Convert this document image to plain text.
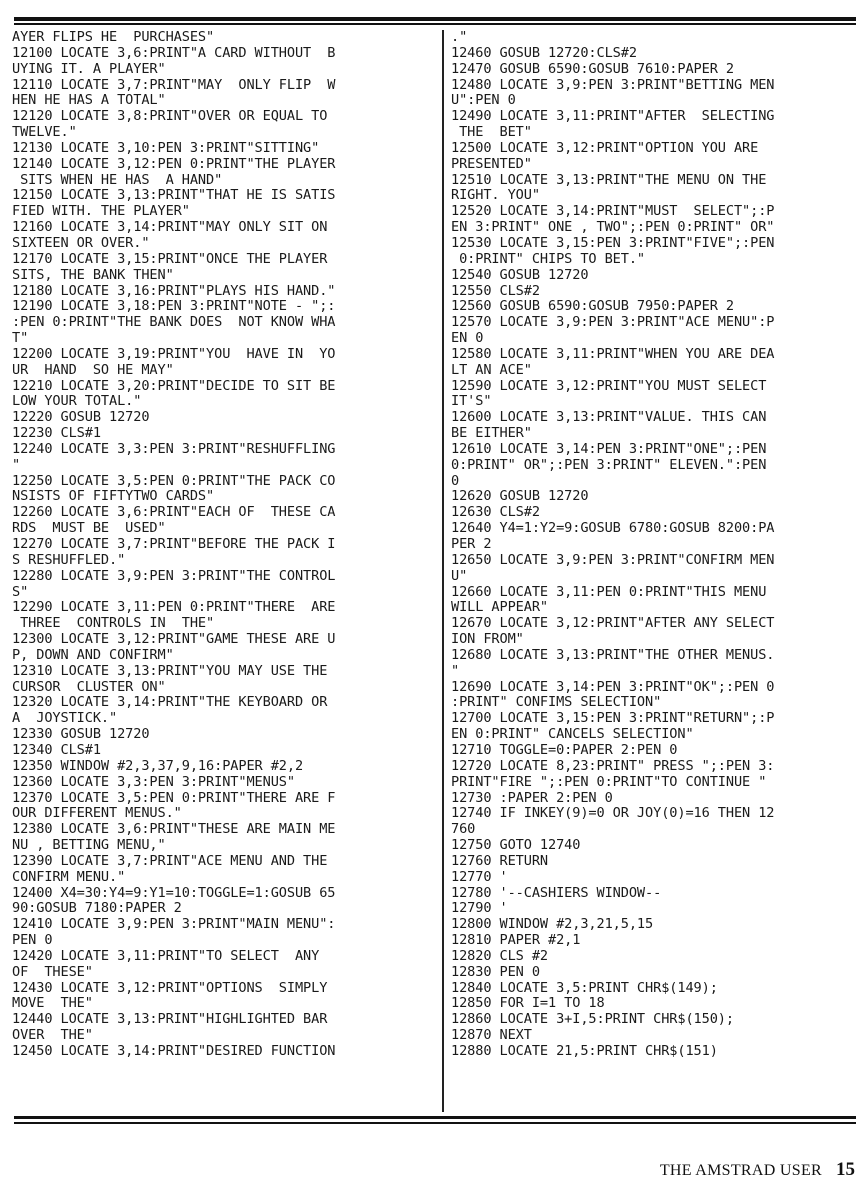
AYER FLIPS HE  PURCHASES"
12100 LOCATE 3,6:PRINT"A CARD WITHOUT  B
UYING IT. A PLAYER"
12110 LOCATE 3,7:PRINT"MAY  ONLY FLIP  W
HEN HE HAS A TOTAL"
12120 LOCATE 3,8:PRINT"OVER OR EQUAL TO
TWELVE."
12130 LOCATE 3,10:PEN 3:PRINT"SITTING"
12140 LOCATE 3,12:PEN 0:PRINT"THE PLAYER
SITS WHEN HE HAS  A HAND"
12150 LOCATE 3,13:PRINT"THAT HE IS SATIS
FIED WITH. THE PLAYER"
12160 LOCATE 3,14:PRINT"MAY ONLY SIT ON
SIXTEEN OR OVER."
12170 LOCATE 3,15:PRINT"ONCE THE PLAYER
SITS, THE BANK THEN"
12180 LOCATE 3,16:PRINT"PLAYS HIS HAND."
12190 LOCATE 3,18:PEN 3:PRINT"NOTE - ";:
:PEN 0:PRINT"THE BANK DOES  NOT KNOW WHA
T"
12200 LOCATE 3,19:PRINT"YOU  HAVE IN  YO
UR  HAND  SO HE MAY"
12210 LOCATE 3,20:PRINT"DECIDE TO SIT BE
LOW YOUR TOTAL."
12220 GOSUB 12720
12230 CLS#1
12240 LOCATE 3,3:PEN 3:PRINT"RESHUFFLING
"
12250 LOCATE 3,5:PEN 0:PRINT"THE PACK CO
NSISTS OF FIFTYTWO CARDS"
12260 LOCATE 3,6:PRINT"EACH OF  THESE CA
RDS  MUST BE  USED"
12270 LOCATE 3,7:PRINT"BEFORE THE PACK I
S RESHUFFLED."
12280 LOCATE 3,9:PEN 3:PRINT"THE CONTROL
S"
12290 LOCATE 3,11:PEN 0:PRINT"THERE  ARE
THREE  CONTROLS IN  THE"
12300 LOCATE 3,12:PRINT"GAME THESE ARE U
P, DOWN AND CONFIRM"
12310 LOCATE 3,13:PRINT"YOU MAY USE THE
CURSOR  CLUSTER ON"
12320 LOCATE 3,14:PRINT"THE KEYBOARD OR
A  JOYSTICK."
12330 GOSUB 12720
12340 CLS#1
12350 WINDOW #2,3,37,9,16:PAPER #2,2
12360 LOCATE 3,3:PEN 3:PRINT"MENUS"
12370 LOCATE 3,5:PEN 0:PRINT"THERE ARE F
OUR DIFFERENT MENUS."
12380 LOCATE 3,6:PRINT"THESE ARE MAIN ME
NU , BETTING MENU,"
12390 LOCATE 3,7:PRINT"ACE MENU AND THE
CONFIRM MENU."
12400 X4=30:Y4=9:Y1=10:TOGGLE=1:GOSUB 65
90:GOSUB 7180:PAPER 2
12410 LOCATE 3,9:PEN 3:PRINT"MAIN MENU":
PEN 0
12420 LOCATE 3,11:PRINT"TO SELECT  ANY
OF  THESE"
12430 LOCATE 3,12:PRINT"OPTIONS  SIMPLY
MOVE  THE"
12440 LOCATE 3,13:PRINT"HIGHLIGHTED BAR
OVER  THE"
12450 LOCATE 3,14:PRINT"DESIRED FUNCTION
."
12460 GOSUB 12720:CLS#2
12470 GOSUB 6590:GOSUB 7610:PAPER 2
12480 LOCATE 3,9:PEN 3:PRINT"BETTING MEN
U":PEN 0
12490 LOCATE 3,11:PRINT"AFTER  SELECTING
THE  BET"
12500 LOCATE 3,12:PRINT"OPTION YOU ARE
PRESENTED"
12510 LOCATE 3,13:PRINT"THE MENU ON THE
RIGHT. YOU"
12520 LOCATE 3,14:PRINT"MUST  SELECT";:P
EN 3:PRINT" ONE , TWO";:PEN 0:PRINT" OR"
12530 LOCATE 3,15:PEN 3:PRINT"FIVE";:PEN
0:PRINT" CHIPS TO BET."
12540 GOSUB 12720
12550 CLS#2
12560 GOSUB 6590:GOSUB 7950:PAPER 2
12570 LOCATE 3,9:PEN 3:PRINT"ACE MENU":P
EN 0
12580 LOCATE 3,11:PRINT"WHEN YOU ARE DEA
LT AN ACE"
12590 LOCATE 3,12:PRINT"YOU MUST SELECT
IT'S"
12600 LOCATE 3,13:PRINT"VALUE. THIS CAN
BE EITHER"
12610 LOCATE 3,14:PEN 3:PRINT"ONE";:PEN
0:PRINT" OR";:PEN 3:PRINT" ELEVEN.":PEN
0
12620 GOSUB 12720
12630 CLS#2
12640 Y4=1:Y2=9:GOSUB 6780:GOSUB 8200:PA
PER 2
12650 LOCATE 3,9:PEN 3:PRINT"CONFIRM MEN
U"
12660 LOCATE 3,11:PEN 0:PRINT"THIS MENU
WILL APPEAR"
12670 LOCATE 3,12:PRINT"AFTER ANY SELECT
ION FROM"
12680 LOCATE 3,13:PRINT"THE OTHER MENUS.
"
12690 LOCATE 3,14:PEN 3:PRINT"OK";:PEN 0
:PRINT" CONFIMS SELECTION"
12700 LOCATE 3,15:PEN 3:PRINT"RETURN";:P
EN 0:PRINT" CANCELS SELECTION"
12710 TOGGLE=0:PAPER 2:PEN 0
12720 LOCATE 8,23:PRINT" PRESS ";:PEN 3:
PRINT"FIRE ";:PEN 0:PRINT"TO CONTINUE "
12730 :PAPER 2:PEN 0
12740 IF INKEY(9)=0 OR JOY(0)=16 THEN 12
760
12750 GOTO 12740
12760 RETURN
12770 '
12780 '--CASHIERS WINDOW--
12790 '
12800 WINDOW #2,3,21,5,15
12810 PAPER #2,1
12820 CLS #2
12830 PEN 0
12840 LOCATE 3,5:PRINT CHR$(149);
12850 FOR I=1 TO 18
12860 LOCATE 3+I,5:PRINT CHR$(150);
12870 NEXT
12880 LOCATE 21,5:PRINT CHR$(151)
THE AMSTRAD USER 15
